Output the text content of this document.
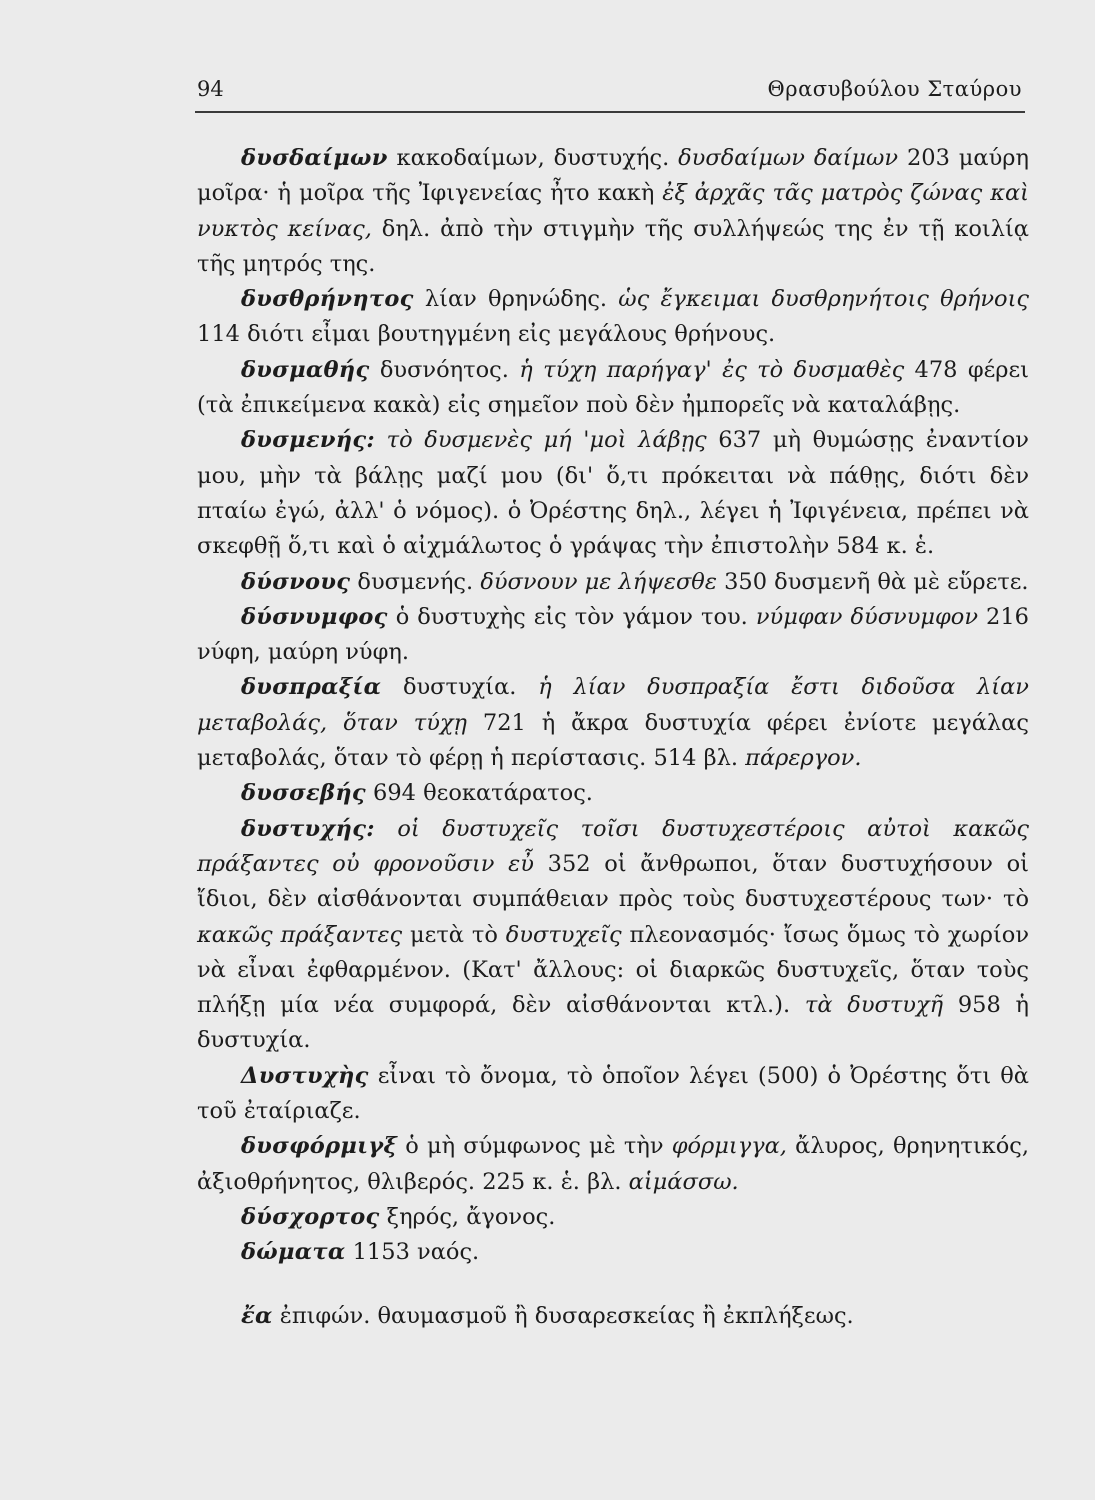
94	Θρασυβούλου Σταύρου

δυσδαίμων κακοδαίμων, δυστυχής. δυσδαίμων δαίμων 203 μαύρη μοῖρα· ἡ μοῖρα τῆς Ἰφιγενείας ἦτο κακὴ ἐξ ἀρχᾶς τᾶς ματρὸς ζώνας καὶ νυκτὸς κείνας, δηλ. ἀπὸ τὴν στιγμὴν τῆς συλλήψεώς της ἐν τῇ κοιλίᾳ τῆς μητρός της.

δυσθρήνητος λίαν θρηνώδης. ὡς ἔγκειμαι δυσθρηνήτοις θρήνοις 114 διότι εἶμαι βουτηγμένη εἰς μεγάλους θρήνους.

δυσμαθής δυσνόητος. ἡ τύχη παρήγαγ' ἐς τὸ δυσμαθὲς 478 φέρει (τὰ ἐπικείμενα κακὰ) εἰς σημεῖον ποὺ δὲν ἠμπορεῖς νὰ καταλάβῃς.

δυσμενής: τὸ δυσμενὲς μή 'μοὶ λάβῃς 637 μὴ θυμώσῃς ἐναντίον μου, μὴν τὰ βάλῃς μαζί μου (δι' ὅ,τι πρόκειται νὰ πάθῃς, διότι δὲν πταίω ἐγώ, ἀλλ' ὁ νόμος). ὁ Ὀρέστης δηλ., λέγει ἡ Ἰφιγένεια, πρέπει νὰ σκεφθῇ ὅ,τι καὶ ὁ αἰχμάλωτος ὁ γράψας τὴν ἐπιστολὴν 584 κ. ἑ.

δύσνους δυσμενής. δύσνουν με λήψεσθε 350 δυσμενῆ θὰ μὲ εὕρετε.

δύσνυμφος ὁ δυστυχὴς εἰς τὸν γάμον του. νύμφαν δύσνυμφον 216 νύφη, μαύρη νύφη.

δυσπραξία δυστυχία. ἡ λίαν δυσπραξία ἔστι διδοῦσα λίαν μεταβολάς, ὅταν τύχῃ 721 ἡ ἄκρα δυστυχία φέρει ἐνίοτε μεγάλας μεταβολάς, ὅταν τὸ φέρῃ ἡ περίστασις. 514 βλ. πάρεργον.

δυσσεβής 694 θεοκατάρατος.

δυστυχής: οἱ δυστυχεῖς τοῖσι δυστυχεστέροις αὐτοὶ κακῶς πράξαντες οὐ φρονοῦσιν εὖ 352 οἱ ἄνθρωποι, ὅταν δυστυχήσουν οἱ ἴδιοι, δὲν αἰσθάνονται συμπάθειαν πρὸς τοὺς δυστυχεστέρους των· τὸ κακῶς πράξαντες μετὰ τὸ δυστυχεῖς πλεονασμός· ἴσως ὅμως τὸ χωρίον νὰ εἶναι ἐφθαρμένον. (Κατ' ἄλλους: οἱ διαρκῶς δυστυχεῖς, ὅταν τοὺς πλήξῃ μία νέα συμφορά, δὲν αἰσθάνονται κτλ.). τὰ δυστυχῆ 958 ἡ δυστυχία.

Δυστυχὴς εἶναι τὸ ὄνομα, τὸ ὁποῖον λέγει (500) ὁ Ὀρέστης ὅτι θὰ τοῦ ἐταίριαζε.

δυσφόρμιγξ ὁ μὴ σύμφωνος μὲ τὴν φόρμιγγα, ἄλυρος, θρηνητικός, ἀξιοθρήνητος, θλιβερός. 225 κ. ἑ. βλ. αἱμάσσω.

δύσχορτος ξηρός, ἄγονος.

δώματα 1153 ναός.

ἔα ἐπιφών. θαυμασμοῦ ἢ δυσαρεσκείας ἢ ἐκπλήξεως.
